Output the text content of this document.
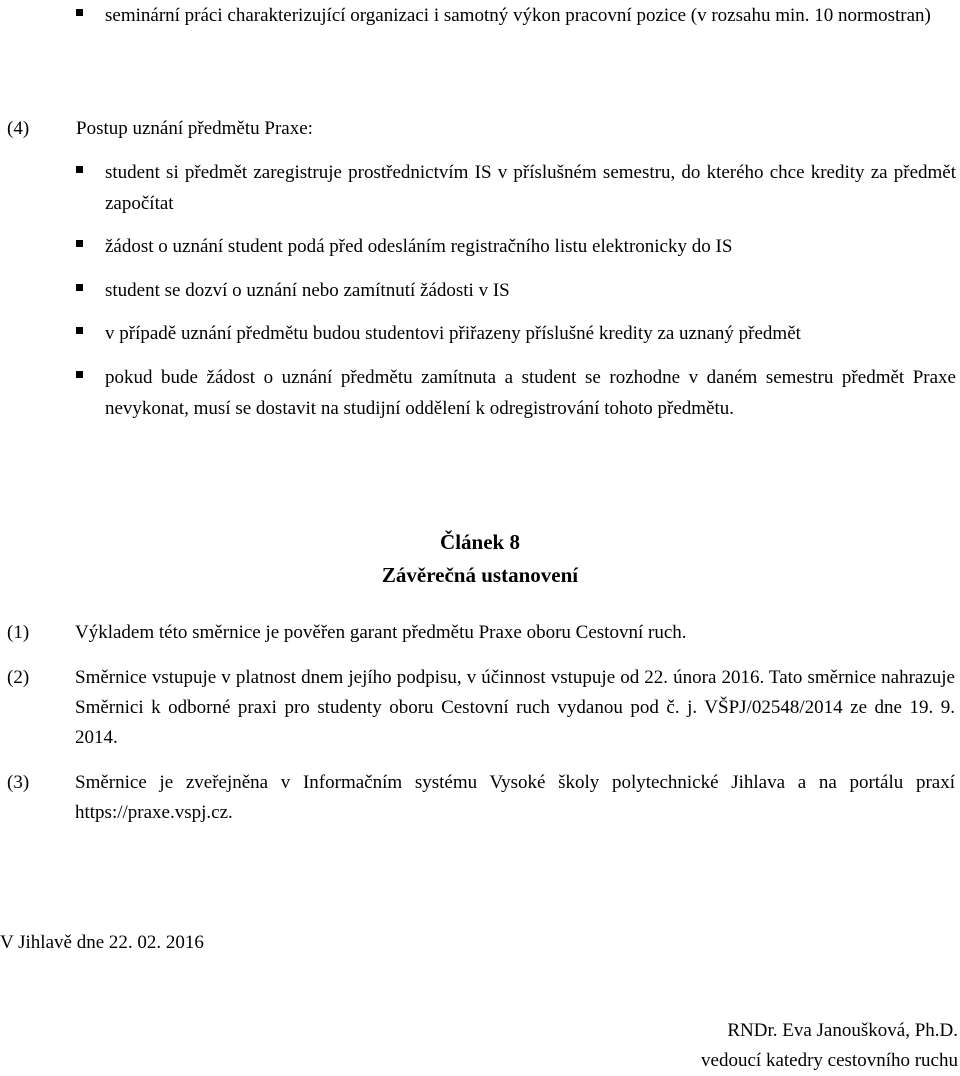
seminární práci charakterizující organizaci i samotný výkon pracovní pozice (v rozsahu min. 10 normostran)
(4) Postup uznání předmětu Praxe:
student si předmět zaregistruje prostřednictvím IS v příslušném semestru, do kterého chce kredity za předmět započítat
žádost o uznání student podá před odesláním registračního listu elektronicky do IS
student se dozví o uznání nebo zamítnutí žádosti v IS
v případě uznání předmětu budou studentovi přiřazeny příslušné kredity za uznaný předmět
pokud bude žádost o uznání předmětu zamítnuta a student se rozhodne v daném semestru předmět Praxe nevykonat, musí se dostavit na studijní oddělení k odregistrování tohoto předmětu.
Článek 8
Závěrečná ustanovení
(1) Výkladem této směrnice je pověřen garant předmětu Praxe oboru Cestovní ruch.
(2) Směrnice vstupuje v platnost dnem jejího podpisu, v účinnost vstupuje od 22. února 2016. Tato směrnice nahrazuje Směrnici k odborné praxi pro studenty oboru Cestovní ruch vydanou pod č. j. VŠPJ/02548/2014 ze dne 19. 9. 2014.
(3) Směrnice je zveřejněna v Informačním systému Vysoké školy polytechnické Jihlava a na portálu praxí https://praxe.vspj.cz.
V Jihlavě dne 22. 02. 2016
RNDr. Eva Janoušková, Ph.D.
vedoucí katedry cestovního ruchu
